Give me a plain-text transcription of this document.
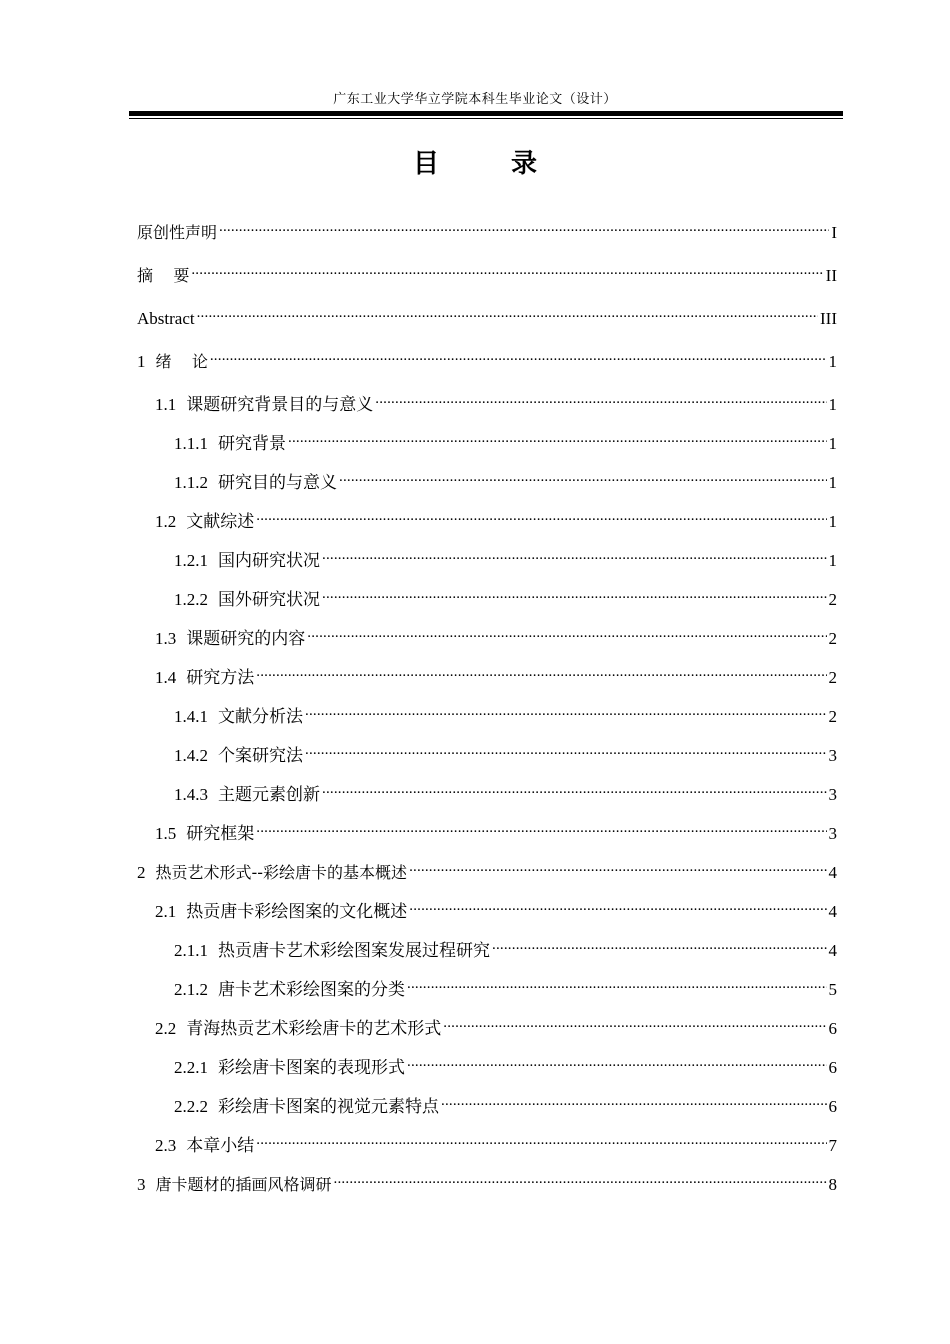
广东工业大学华立学院本科生毕业论文（设计）
目  录
原创性声明 .....	I
摘    要 .....	II
Abstract .....	III
1 绪    论 .....	1
1.1 课题研究背景目的与意义 .....	1
1.1.1 研究背景 .....	1
1.1.2 研究目的与意义 .....	1
1.2 文献综述 .....	1
1.2.1 国内研究状况 .....	1
1.2.2 国外研究状况 .....	2
1.3 课题研究的内容 .....	2
1.4 研究方法 .....	2
1.4.1 文献分析法 .....	2
1.4.2 个案研究法 .....	3
1.4.3 主题元素创新 .....	3
1.5 研究框架 .....	3
2 热贡艺术形式--彩绘唐卡的基本概述 .....	4
2.1 热贡唐卡彩绘图案的文化概述 .....	4
2.1.1 热贡唐卡艺术彩绘图案发展过程研究 .....	4
2.1.2 唐卡艺术彩绘图案的分类 .....	5
2.2 青海热贡艺术彩绘唐卡的艺术形式 .....	6
2.2.1 彩绘唐卡图案的表现形式 .....	6
2.2.2 彩绘唐卡图案的视觉元素特点 .....	6
2.3 本章小结 .....	7
3 唐卡题材的插画风格调研 .....	8
